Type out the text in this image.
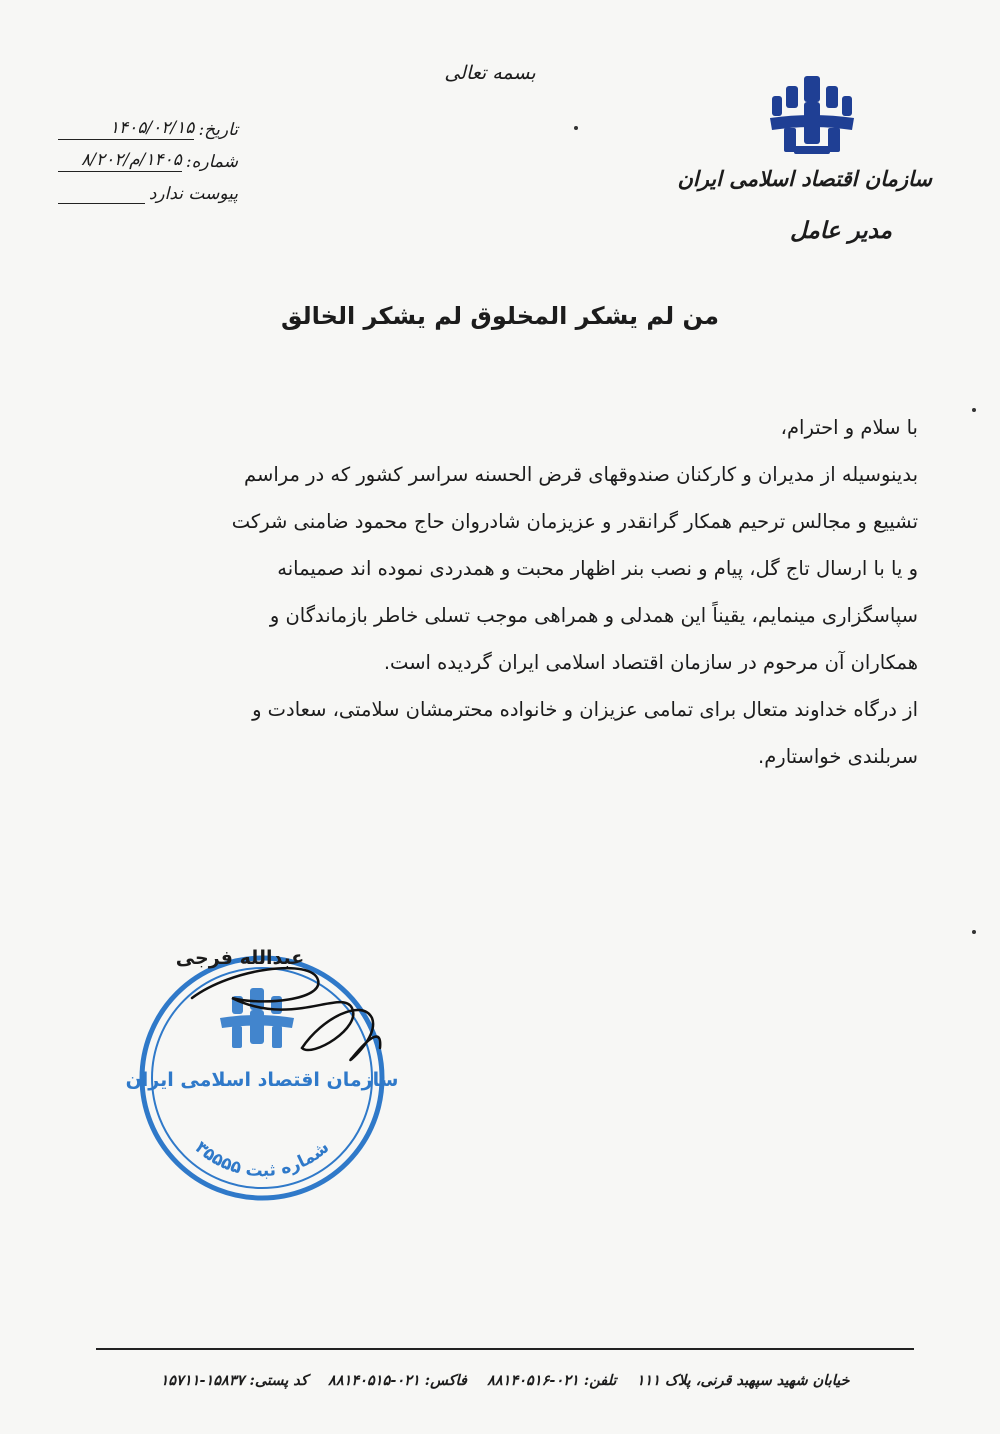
بسمه تعالی
تاریخ:
۱۴۰۵/۰۲/۱۵
شماره:
۱۴۰۵/م/۸/۲۰۲
پیوست ندارد
سازمان اقتصاد اسلامی ایران
مدیر عامل
من لم یشکر المخلوق لم یشکر الخالق
با سلام و احترام،
بدینوسیله از مدیران و کارکنان صندوقهای قرض الحسنه سراسر کشور که در مراسم
تشییع و مجالس ترحیم همکار گرانقدر و عزیزمان شادروان حاج محمود ضامنی شرکت
و یا با ارسال تاج گل، پیام و نصب بنر اظهار محبت و همدردی نموده اند صمیمانه
سپاسگزاری مینمایم، یقیناً این همدلی و همراهی موجب تسلی خاطر بازماندگان و
همکاران آن مرحوم در سازمان اقتصاد اسلامی ایران گردیده است.
از درگاه خداوند متعال برای تمامی عزیزان و خانواده محترمشان سلامتی، سعادت و
سربلندی خواستارم.
سازمان اقتصاد اسلامی ایران
شماره ثبت ۳۵۵۵۵
عبدالله فرجی
خیابان شهید سپهبد قرنی، پلاک ۱۱۱    تلفن: ۰۲۱-۸۸۱۴۰۵۱۶    فاکس: ۰۲۱-۸۸۱۴۰۵۱۵    کد پستی: ۱۵۸۳۷-۱۵۷۱۱
